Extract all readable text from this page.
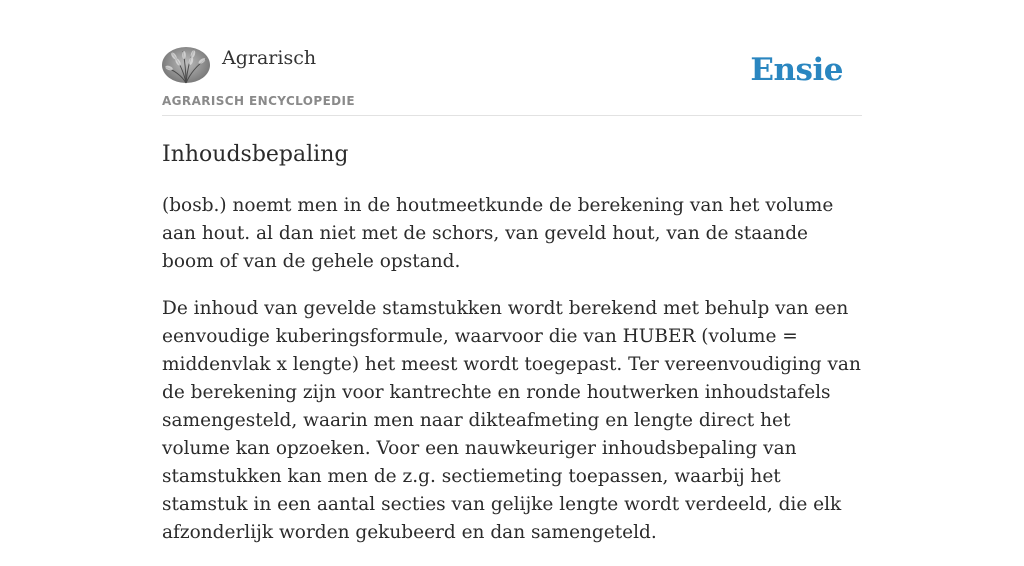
Agrarisch
AGRARISCH ENCYCLOPEDIE
Ensie
Inhoudsbepaling

(bosb.) noemt men in de houtmeetkunde de berekening van het volume aan hout. al dan niet met de schors, van geveld hout, van de staande boom of van de gehele opstand.

De inhoud van gevelde stamstukken wordt berekend met behulp van een eenvoudige kuberingsformule, waarvoor die van HUBER (volume = middenvlak x lengte) het meest wordt toegepast. Ter vereenvoudiging van de berekening zijn voor kantrechte en ronde houtwerken inhoudstafels samengesteld, waarin men naar dikteafmeting en lengte direct het volume kan opzoeken. Voor een nauwkeuriger inhoudsbepaling van stamstukken kan men de z.g. sectiemeting toepassen, waarbij het stamstuk in een aantal secties van gelijke lengte wordt verdeeld, die elk afzonderlijk worden gekubeerd en dan samengeteld.
